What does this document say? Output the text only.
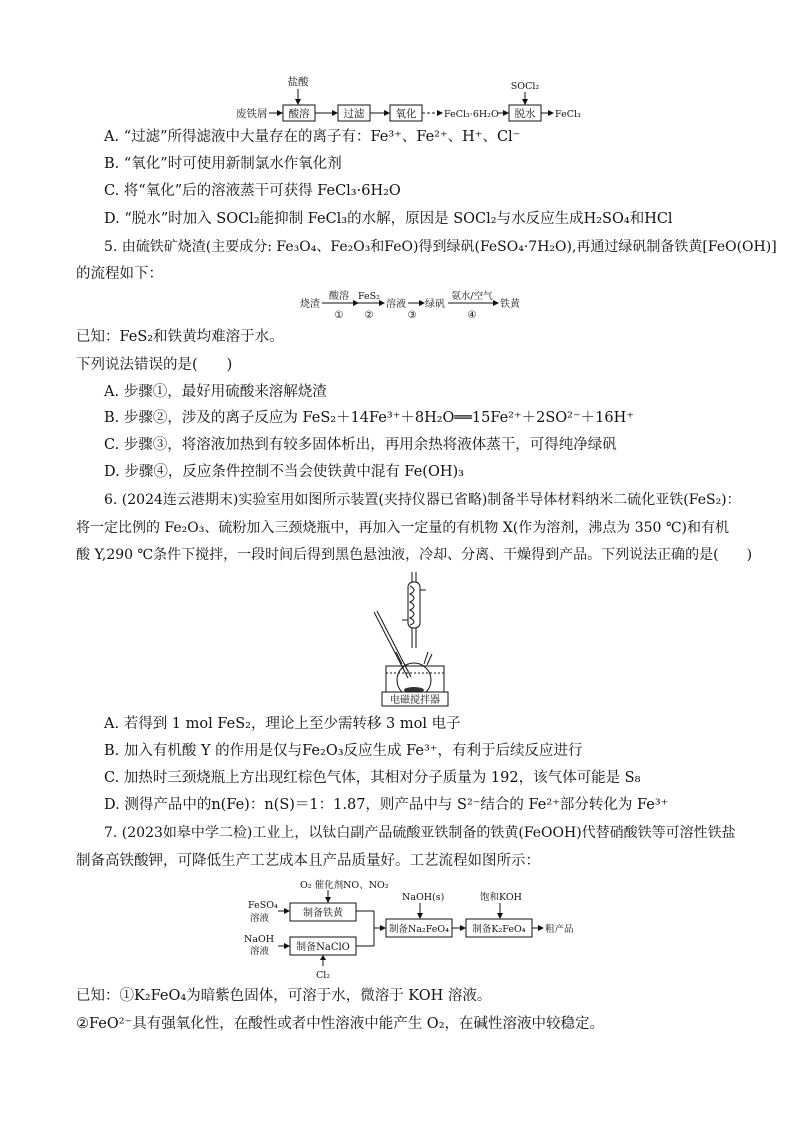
盐酸
废铁屑 酸溶	过滤	氧化	FeCl₃·6H₂O
SOCl₂
脱水 FeCl₃
A. “过滤”所得滤液中大量存在的离子有：Fe³⁺、Fe²⁺、H⁺、Cl⁻
B. “氧化”时可使用新制氯水作氧化剂
C. 将“氧化”后的溶液蒸干可获得 FeCl₃·6H₂O
D. “脱水”时加入 SOCl₂能抑制 FeCl₃的水解，原因是 SOCl₂与水反应生成H₂SO₄和HCl
5. 由硫铁矿烧渣(主要成分: Fe₃O₄、Fe₂O₃和FeO)得到绿矾(FeSO₄·7H₂O),再通过绿矾制备铁黄[FeO(OH)]
的流程如下：
烧渣
酸溶
①
FeS₂
②
溶液
③
绿矾
氨水/空气
④
铁黄
已知：FeS₂和铁黄均难溶于水。
下列说法错误的是(　　)
A. 步骤①，最好用硫酸来溶解烧渣
B. 步骤②，涉及的离子反应为 FeS₂＋14Fe³⁺＋8H₂O══15Fe²⁺＋2SO²⁻＋16H⁺
C. 步骤③，将溶液加热到有较多固体析出，再用余热将液体蒸干，可得纯净绿矾
D. 步骤④，反应条件控制不当会使铁黄中混有 Fe(OH)₃
6. (2024连云港期末)实验室用如图所示装置(夹持仪器已省略)制备半导体材料纳米二硫化亚铁(FeS₂)：
将一定比例的 Fe₂O₃、硫粉加入三颈烧瓶中，再加入一定量的有机物 X(作为溶剂，沸点为 350 ℃)和有机
酸 Y,290 ℃条件下搅拌，一段时间后得到黑色悬浊液，冷却、分离、干燥得到产品。下列说法正确的是(　　)
电磁搅拌器
A. 若得到 1 mol FeS₂，理论上至少需转移 3 mol 电子
B. 加入有机酸 Y 的作用是仅与Fe₂O₃反应生成 Fe³⁺，有利于后续反应进行
C. 加热时三颈烧瓶上方出现红棕色气体，其相对分子质量为 192，该气体可能是 S₈
D. 测得产品中的n(Fe)：n(S)＝1：1.87，则产品中与 S²⁻结合的 Fe²⁺部分转化为 Fe³⁺
7. (2023如皋中学二检)工业上，以钛白副产品硫酸亚铁制备的铁黄(FeOOH)代替硝酸铁等可溶性铁盐
制备高铁酸钾，可降低生产工艺成本且产品质量好。工艺流程如图所示：
O₂ 催化剂NO、NO₂
FeSO₄
溶液	制备铁黄
NaOH
溶液	制备NaClO
Cl₂
NaOH(s)
制备Na₂FeO₄
饱和KOH
制备K₂FeO₄ 粗产品
已知：①K₂FeO₄为暗紫色固体，可溶于水，微溶于 KOH 溶液。
②FeO²⁻具有强氧化性，在酸性或者中性溶液中能产生 O₂，在碱性溶液中较稳定。
